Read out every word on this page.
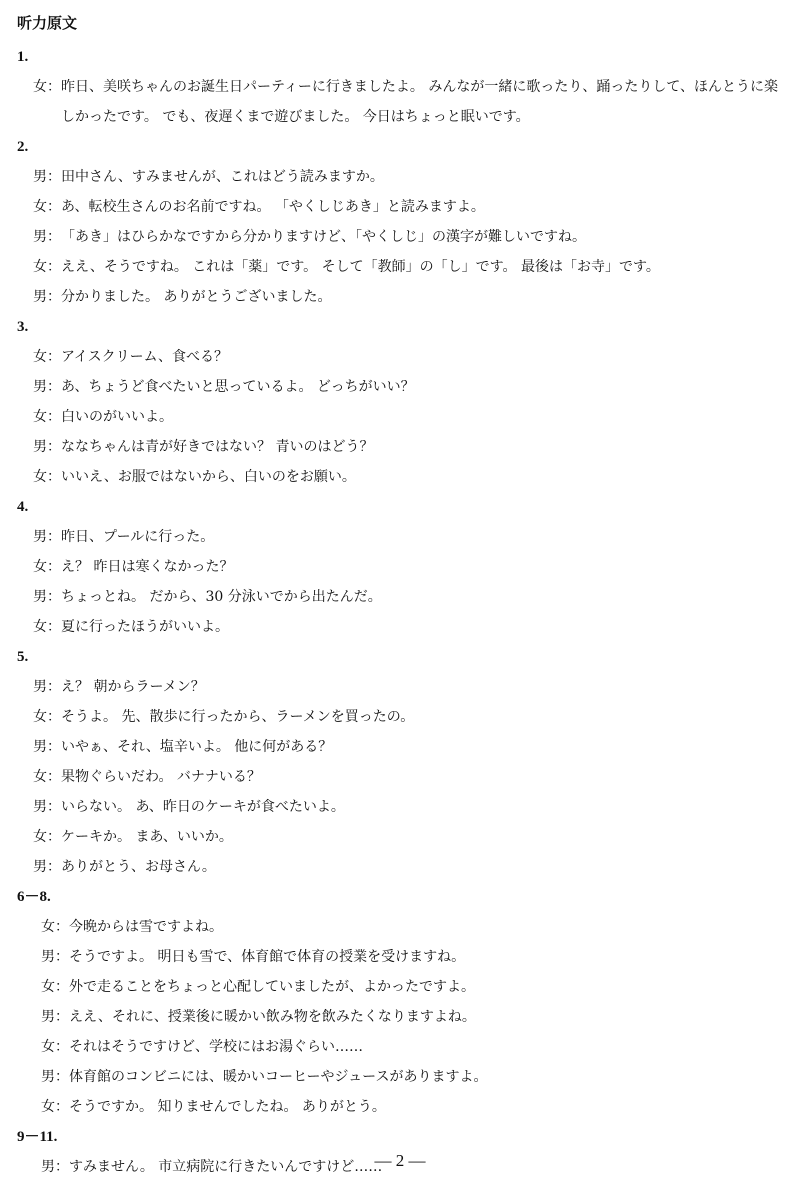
听力原文
1.
女： 昨日、美咲ちゃんのお誕生日パーティーに行きましたよ。 みんなが一緒に歌ったり、踊ったりして、ほんとうに楽しかったです。 でも、夜遅くまで遊びました。 今日はちょっと眠いです。
2.
男： 田中さん、すみませんが、これはどう読みますか。
女： あ、転校生さんのお名前ですね。 「やくしじあき」と読みますよ。
男： 「あき」はひらかなですから分かりますけど、「やくしじ」の漢字が難しいですね。
女： ええ、そうですね。 これは「薬」です。 そして「教師」の「し」です。 最後は「お寺」です。
男： 分かりました。 ありがとうございました。
3.
女： アイスクリーム、食べる？
男： あ、ちょうど食べたいと思っているよ。 どっちがいい？
女： 白いのがいいよ。
男： ななちゃんは青が好きではない？ 青いのはどう？
女： いいえ、お服ではないから、白いのをお願い。
4.
男： 昨日、プールに行った。
女： え？ 昨日は寒くなかった？
男： ちょっとね。 だから、30 分泳いでから出たんだ。
女： 夏に行ったほうがいいよ。
5.
男： え？ 朝からラーメン？
女： そうよ。 先、散歩に行ったから、ラーメンを買ったの。
男： いやぁ、それ、塩辛いよ。 他に何がある？
女： 果物ぐらいだわ。 バナナいる？
男： いらない。 あ、昨日のケーキが食べたいよ。
女： ケーキか。 まあ、いいか。
男： ありがとう、お母さん。
6－8.
女： 今晩からは雪ですよね。
男： そうですよ。 明日も雪で、体育館で体育の授業を受けますね。
女： 外で走ることをちょっと心配していましたが、よかったですよ。
男： ええ、それに、授業後に暖かい飲み物を飲みたくなりますよね。
女： それはそうですけど、学校にはお湯ぐらい……
男： 体育館のコンビニには、暖かいコーヒーやジュースがありますよ。
女： そうですか。 知りませんでしたね。 ありがとう。
9－11.
男： すみません。 市立病院に行きたいんですけど……
— 2 —
